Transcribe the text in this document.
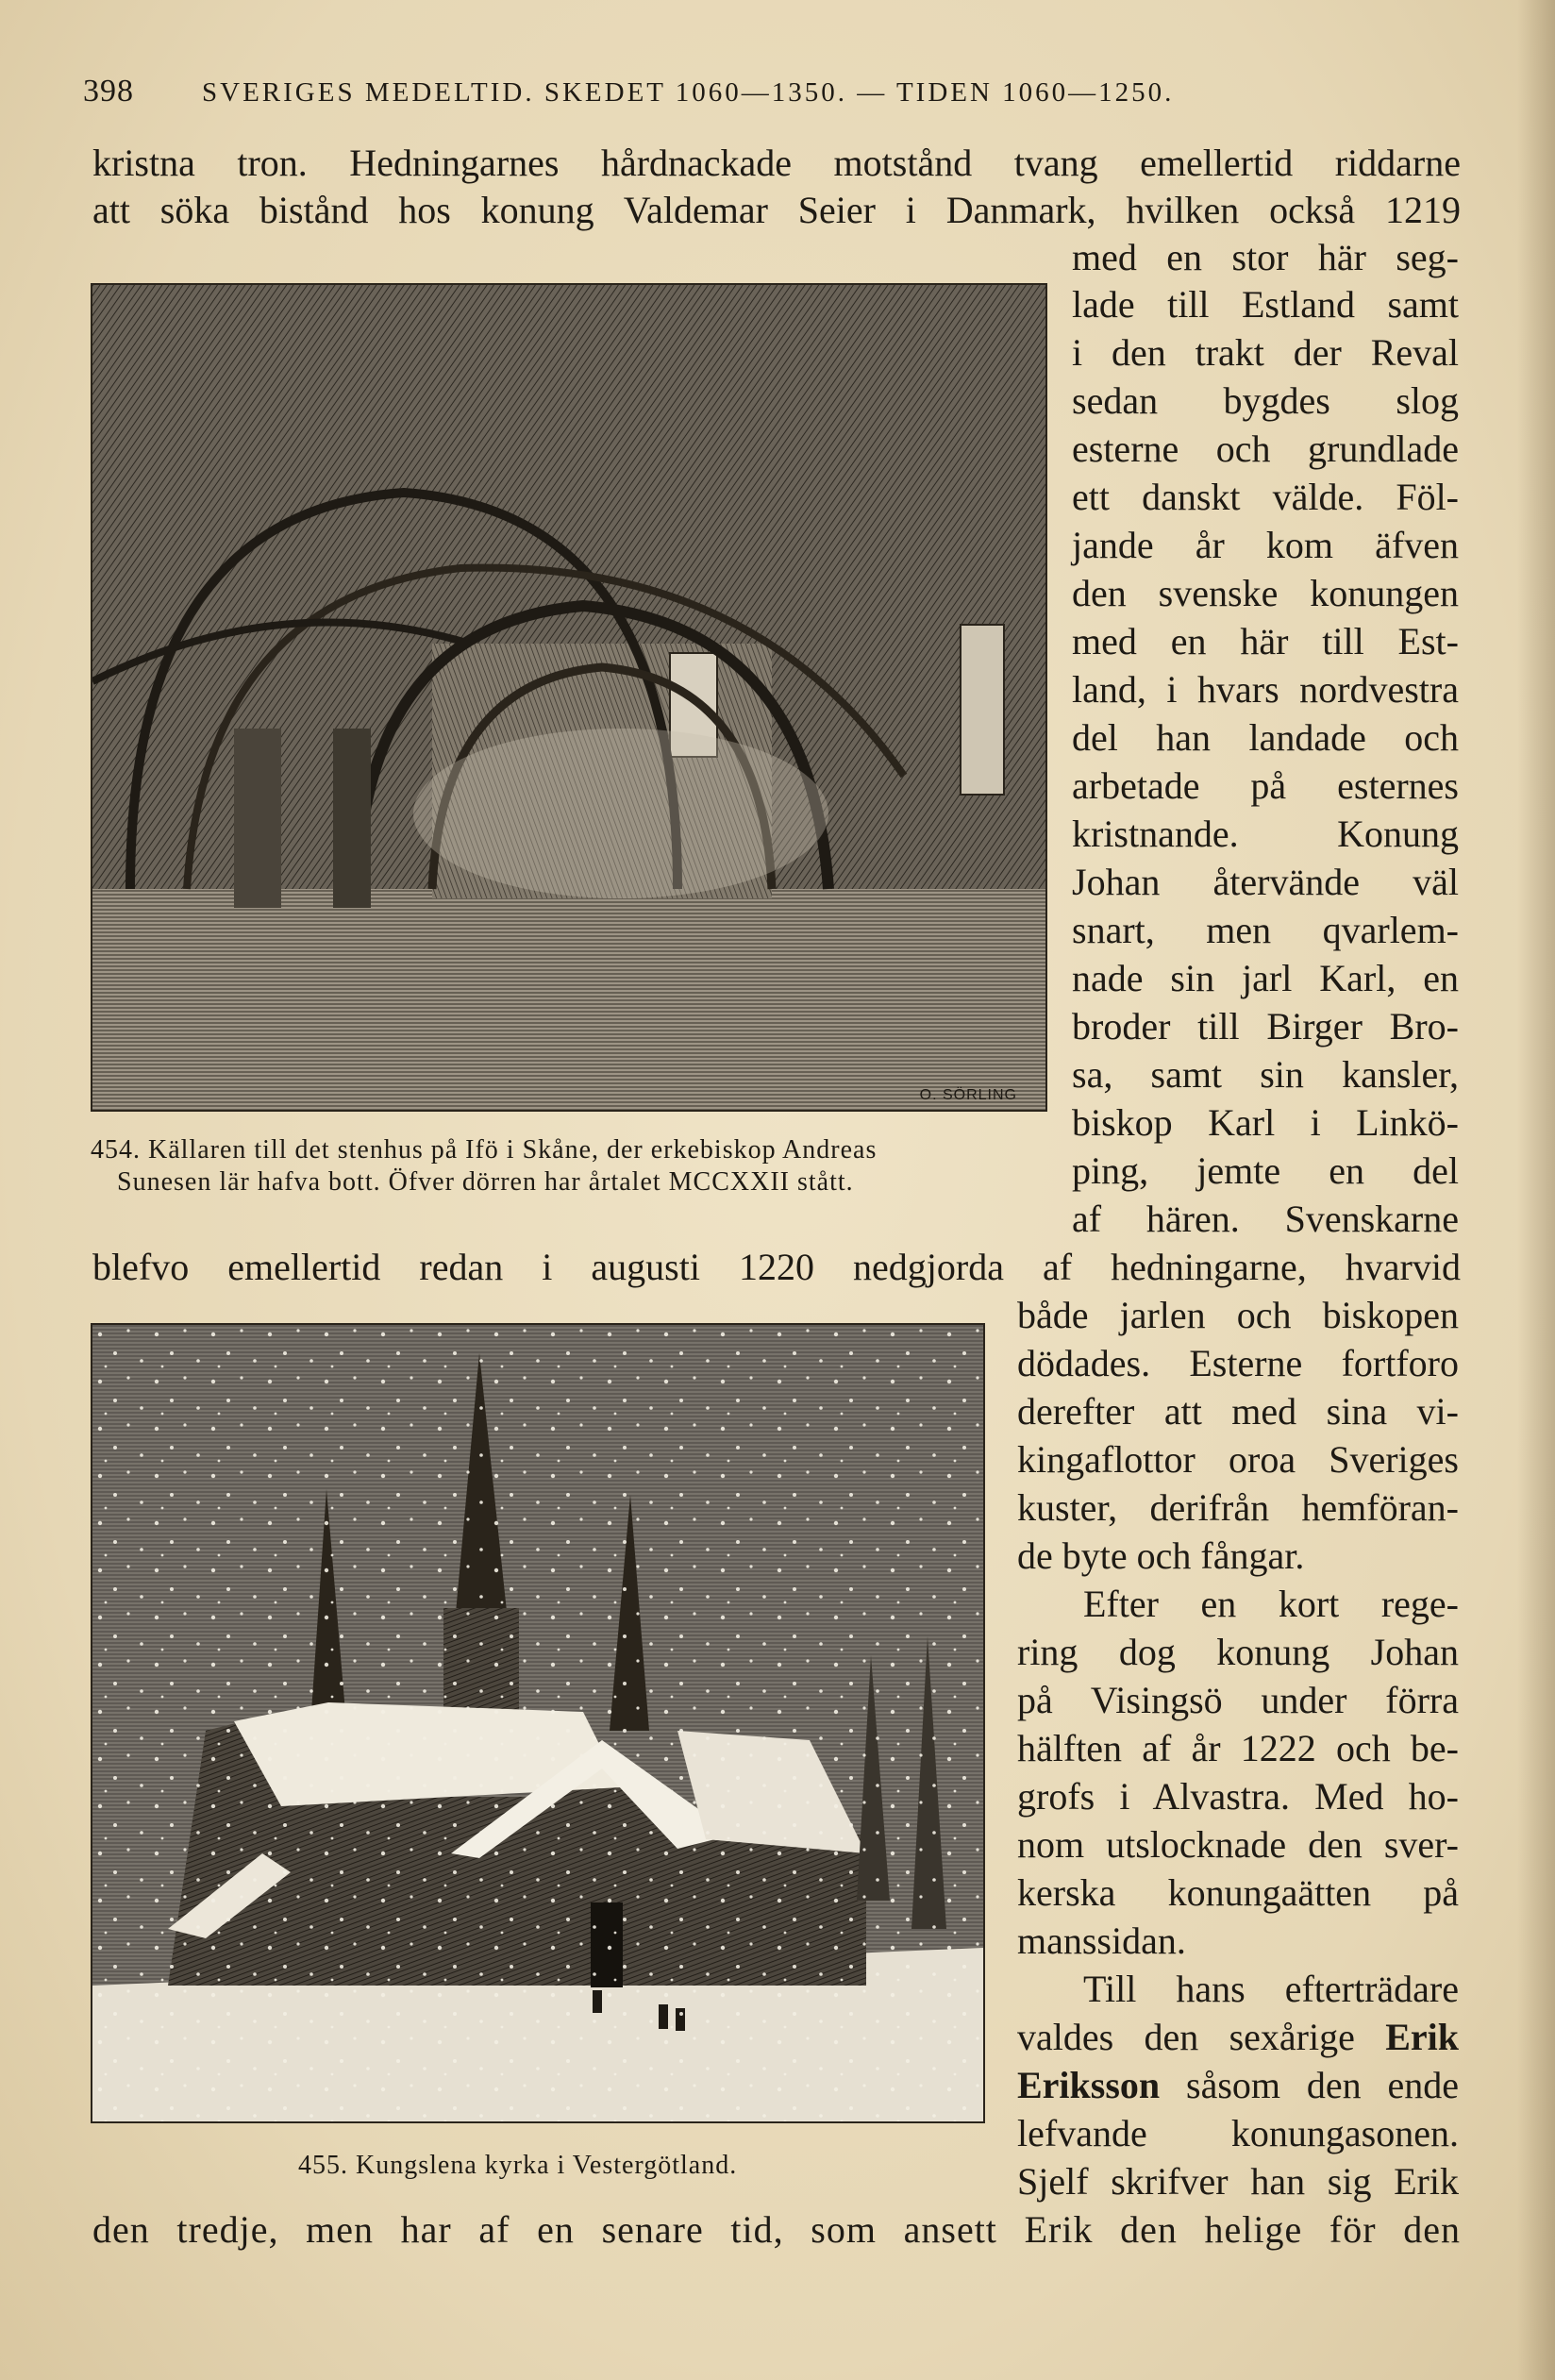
398 SVERIGES MEDELTID. SKEDET 1060—1350. — TIDEN 1060—1250.
kristna tron. Hedningarnes hårdnackade motstånd tvang emellertid riddarne
att söka bistånd hos konung Valdemar Seier i Danmark, hvilken också 1219
O. SÖRLING
454. Källaren till det stenhus på Ifö i Skåne, der erkebiskop Andreas
Sunesen lär hafva bott. Öfver dörren har årtalet MCCXXII stått.
med en stor här seg-
lade till Estland samt
i den trakt der Reval
sedan bygdes slog
esterne och grundlade
ett danskt välde. Föl-
jande år kom äfven
den svenske konungen
med en här till Est-
land, i hvars nordvestra
del han landade och
arbetade på esternes
kristnande. Konung
Johan återvände väl
snart, men qvarlem-
nade sin jarl Karl, en
broder till Birger Bro-
sa, samt sin kansler,
biskop Karl i Linkö-
ping, jemte en del
af hären. Svenskarne
blefvo emellertid redan i augusti 1220 nedgjorda af hedningarne, hvarvid
455. Kungslena kyrka i Vestergötland.
både jarlen och biskopen
dödades. Esterne fortforo
derefter att med sina vi-
kingaflottor oroa Sveriges
kuster, derifrån hemföran-
de byte och fångar.
Efter en kort rege-
ring dog konung Johan
på Visingsö under förra
hälften af år 1222 och be-
grofs i Alvastra. Med ho-
nom utslocknade den sver-
kerska konungaätten på
manssidan.
Till hans efterträdare
valdes den sexårige Erik
Eriksson såsom den ende
lefvande konungasonen.
Sjelf skrifver han sig Erik
den tredje, men har af en senare tid, som ansett Erik den helige för den
